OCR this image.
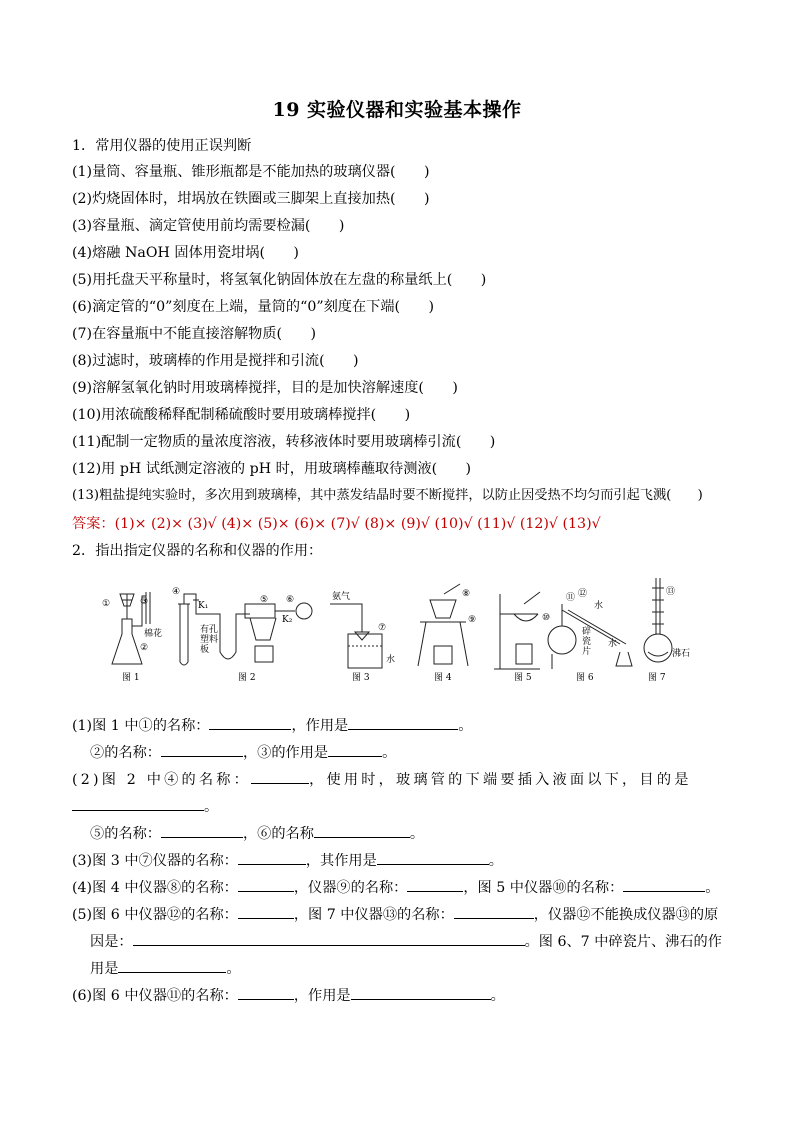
19 实验仪器和实验基本操作
1．常用仪器的使用正误判断
(1)量筒、容量瓶、锥形瓶都是不能加热的玻璃仪器(　　)
(2)灼烧固体时，坩埚放在铁圈或三脚架上直接加热(　　)
(3)容量瓶、滴定管使用前均需要检漏(　　)
(4)熔融 NaOH 固体用瓷坩埚(　　)
(5)用托盘天平称量时，将氢氧化钠固体放在左盘的称量纸上(　　)
(6)滴定管的“0”刻度在上端，量筒的“0”刻度在下端(　　)
(7)在容量瓶中不能直接溶解物质(　　)
(8)过滤时，玻璃棒的作用是搅拌和引流(　　)
(9)溶解氢氧化钠时用玻璃棒搅拌，目的是加快溶解速度(　　)
(10)用浓硫酸稀释配制稀硫酸时要用玻璃棒搅拌(　　)
(11)配制一定物质的量浓度溶液，转移液体时要用玻璃棒引流(　　)
(12)用 pH 试纸测定溶液的 pH 时，用玻璃棒蘸取待测液(　　)
(13)粗盐提纯实验时，多次用到玻璃棒，其中蒸发结晶时要不断搅拌，以防止因受热不均匀而引起飞溅(　　)
答案：(1)× (2)× (3)√ (4)× (5)× (6)× (7)√ (8)× (9)√ (10)√ (11)√ (12)√ (13)√
2．指出指定仪器的名称和仪器的作用：
①	③
②
棉花
④
K₁
有孔
塑料
板
K₂
⑥
⑤	氨气
⑦
水
⑧
⑨	⑩
⑪ ⑫
水
水
碎
瓷
片
⑬
沸石
图 1	图 2	图 3	图 4	图 5	图 6	图 7
(1)图 1 中①的名称：	，作用是	。
②的名称：	，③的作用是	。
(2)图 2 中④的名称：	，使用时，玻璃管的下端要插入液面以下，目的是
。
⑤的名称：	，⑥的名称	。
(3)图 3 中⑦仪器的名称：	，其作用是	。
(4)图 4 中仪器⑧的名称：	，仪器⑨的名称：	，图 5 中仪器⑩的名称：	。
(5)图 6 中仪器⑫的名称：	，图 7 中仪器⑬的名称：	，仪器⑫不能换成仪器⑬的原
因是：	。图 6、7 中碎瓷片、沸石的作
用是	。
(6)图 6 中仪器⑪的名称：	，作用是	。
